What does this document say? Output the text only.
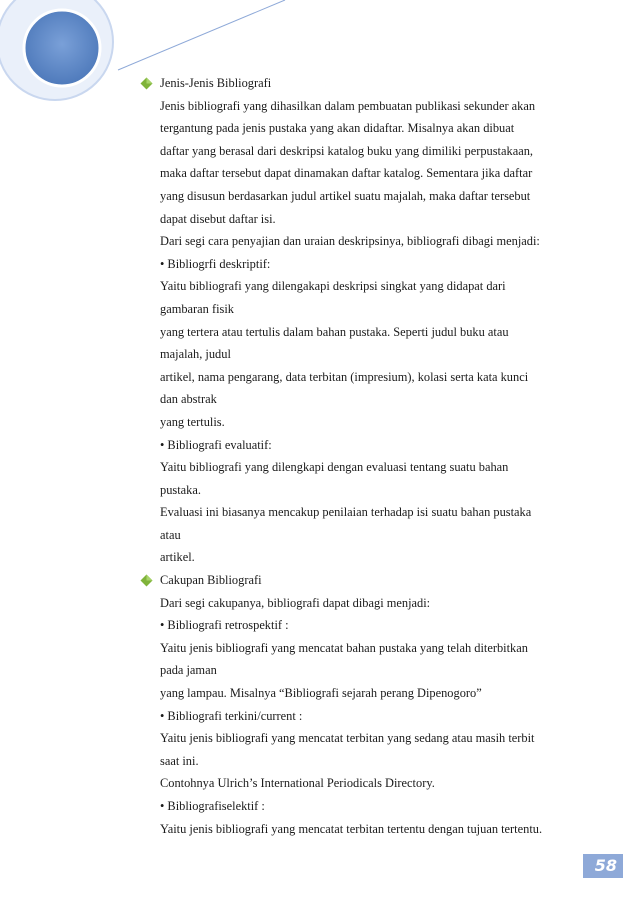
Jenis-Jenis Bibliografi
Jenis bibliografi yang dihasilkan dalam pembuatan publikasi sekunder akan
tergantung pada jenis pustaka yang akan didaftar. Misalnya akan dibuat
daftar yang berasal dari deskripsi katalog buku yang dimiliki perpustakaan,
maka daftar tersebut dapat dinamakan daftar katalog. Sementara jika daftar
yang disusun berdasarkan judul artikel suatu majalah, maka daftar tersebut
dapat disebut daftar isi.
Dari segi cara penyajian dan uraian deskripsinya, bibliografi dibagi menjadi:
• Bibliogrfi deskriptif:
Yaitu bibliografi yang dilengakapi deskripsi singkat yang didapat dari
gambaran fisik
yang tertera atau tertulis dalam bahan pustaka. Seperti judul buku atau
majalah, judul
artikel, nama pengarang, data terbitan (impresium), kolasi serta kata kunci
dan abstrak
yang tertulis.
• Bibliografi evaluatif:
Yaitu bibliografi yang dilengkapi dengan evaluasi tentang suatu bahan
pustaka.
Evaluasi ini biasanya mencakup penilaian terhadap isi suatu bahan pustaka
atau
artikel.
Cakupan Bibliografi
Dari segi cakupanya, bibliografi dapat dibagi menjadi:
• Bibliografi retrospektif :
Yaitu jenis bibliografi yang mencatat bahan pustaka yang telah diterbitkan
pada jaman
yang lampau. Misalnya “Bibliografi sejarah perang Dipenogoro”
• Bibliografi terkini/current :
Yaitu jenis bibliografi yang mencatat terbitan yang sedang atau masih terbit
saat ini.
Contohnya Ulrich’s International Periodicals Directory.
• Bibliografiselektif :
Yaitu jenis bibliografi yang mencatat terbitan tertentu dengan tujuan tertentu.
58
